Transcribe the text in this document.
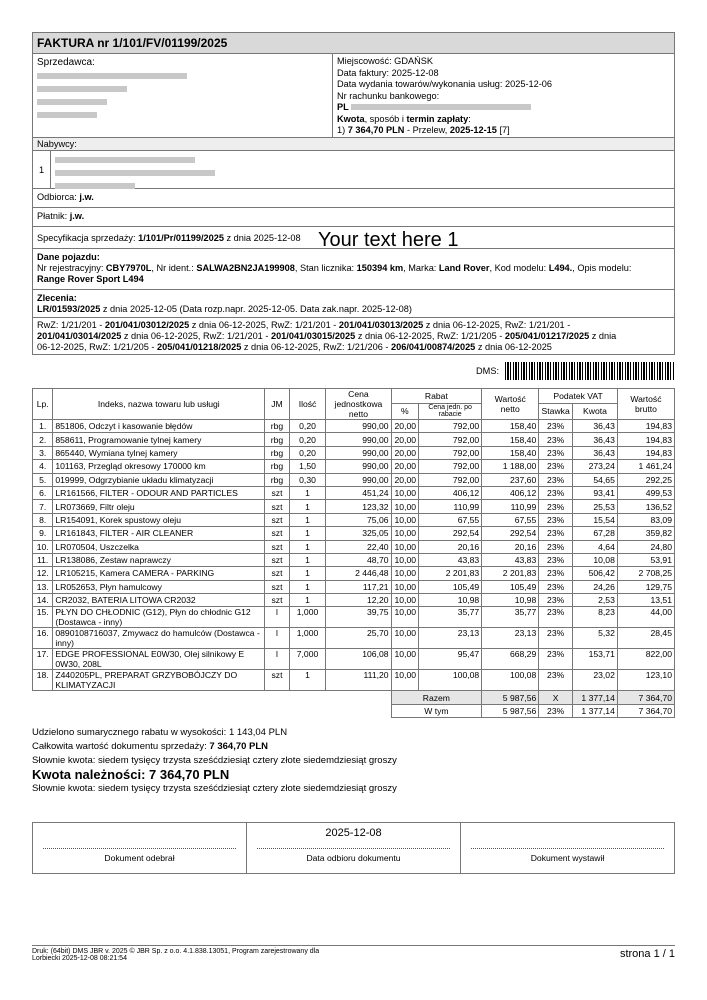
FAKTURA nr 1/101/FV/01199/2025
Sprzedawca:	Miejscowość: GDAŃSK
Data faktury: 2025-12-08
Data wydania towarów/wykonania usług: 2025-12-06
Nr rachunku bankowego:
PL
Kwota, sposób i termin zapłaty:
1) 7 364,70 PLN - Przelew, 2025-12-15 [7]
Nabywcy:
1
Odbiorca: j.w.
Płatnik: j.w.
Specyfikacja sprzedaży: 1/101/Pr/01199/2025 z dnia 2025-12-08
Dane pojazdu:
Nr rejestracyjny: CBY7970L, Nr ident.: SALWA2BN2JA199908, Stan licznika: 150394 km, Marka: Land Rover, Kod modelu: L494., Opis modelu:
Range Rover Sport L494
Zlecenia:
LR/01593/2025 z dnia 2025-12-05 (Data rozp.napr. 2025-12-05. Data zak.napr. 2025-12-08)
RwZ: 1/21/201 - 201/041/03012/2025 z dnia 06-12-2025, RwZ: 1/21/201 - 201/041/03013/2025 z dnia 06-12-2025, RwZ: 1/21/201 -
201/041/03014/2025 z dnia 06-12-2025, RwZ: 1/21/201 - 201/041/03015/2025 z dnia 06-12-2025, RwZ: 1/21/205 - 205/041/01217/2025 z dnia
06-12-2025, RwZ: 1/21/205 - 205/041/01218/2025 z dnia 06-12-2025, RwZ: 1/21/206 - 206/041/00874/2025 z dnia 06-12-2025
DMS:
Lp.	Indeks, nazwa towaru lub usługi	JM	Ilość	Cena jednostkowa netto	Rabat		Wartość netto	Podatek VAT		Wartość brutto
					%	Cena jedn. po rabacie		Stawka	Kwota	
1.	851806, Odczyt i kasowanie błędów	rbg	0,20	990,00	20,00	792,00	158,40	23%	36,43	194,83
2.	858611, Programowanie tylnej kamery	rbg	0,20	990,00	20,00	792,00	158,40	23%	36,43	194,83
3.	865440, Wymiana tylnej kamery	rbg	0,20	990,00	20,00	792,00	158,40	23%	36,43	194,83
4.	101163, Przegląd okresowy 170000 km	rbg	1,50	990,00	20,00	792,00	1 188,00	23%	273,24	1 461,24
5.	019999, Odgrzybianie układu klimatyzacji	rbg	0,30	990,00	20,00	792,00	237,60	23%	54,65	292,25
6.	LR161566, FILTER - ODOUR AND PARTICLES	szt	1	451,24	10,00	406,12	406,12	23%	93,41	499,53
7.	LR073669, Filtr oleju	szt	1	123,32	10,00	110,99	110,99	23%	25,53	136,52
8.	LR154091, Korek spustowy oleju	szt	1	75,06	10,00	67,55	67,55	23%	15,54	83,09
9.	LR161843, FILTER - AIR CLEANER	szt	1	325,05	10,00	292,54	292,54	23%	67,28	359,82
10.	LR070504, Uszczelka	szt	1	22,40	10,00	20,16	20,16	23%	4,64	24,80
11.	LR138086, Zestaw naprawczy	szt	1	48,70	10,00	43,83	43,83	23%	10,08	53,91
12.	LR105215, Kamera CAMERA - PARKING	szt	1	2 446,48	10,00	2 201,83	2 201,83	23%	506,42	2 708,25
13.	LR052653, Płyn hamulcowy	szt	1	117,21	10,00	105,49	105,49	23%	24,26	129,75
14.	CR2032, BATERIA LITOWA CR2032	szt	1	12,20	10,00	10,98	10,98	23%	2,53	13,51
15.	PŁYN DO CHŁODNIC (G12), Płyn do chłodnic G12 (Dostawca - inny)	l	1,000	39,75	10,00	35,77	35,77	23%	8,23	44,00
16.	0890108716037, Zmywacz do hamulców (Dostawca - inny)	l	1,000	25,70	10,00	23,13	23,13	23%	5,32	28,45
17.	EDGE PROFESSIONAL E0W30, Olej silnikowy E 0W30, 208L	l	7,000	106,08	10,00	95,47	668,29	23%	153,71	822,00
18.	Z440205PL, PREPARAT GRZYBOBÓJCZY DO KLIMATYZACJI	szt	1	111,20	10,00	100,08	100,08	23%	23,02	123,10
					Razem		5 987,56	X	1 377,14	7 364,70
					W tym		5 987,56	23%	1 377,14	7 364,70
Udzielono sumarycznego rabatu w wysokości: 1 143,04 PLN
Całkowita wartość dokumentu sprzedaży: 7 364,70 PLN
Słownie kwota: siedem tysięcy trzysta sześćdziesiąt cztery złote siedemdziesiąt groszy
Kwota należności: 7 364,70 PLN
Słownie kwota: siedem tysięcy trzysta sześćdziesiąt cztery złote siedemdziesiąt groszy
Dokument odebrał
2025-12-08
Data odbioru dokumentu	Dokument wystawił
Your text here 1
Druk: (64bit) DMS JBR v. 2025 © JBR Sp. z o.o. 4.1.838.13051, Program zarejestrowany dla
Lorbiecki 2025-12-08 08:21:54	strona 1 / 1
